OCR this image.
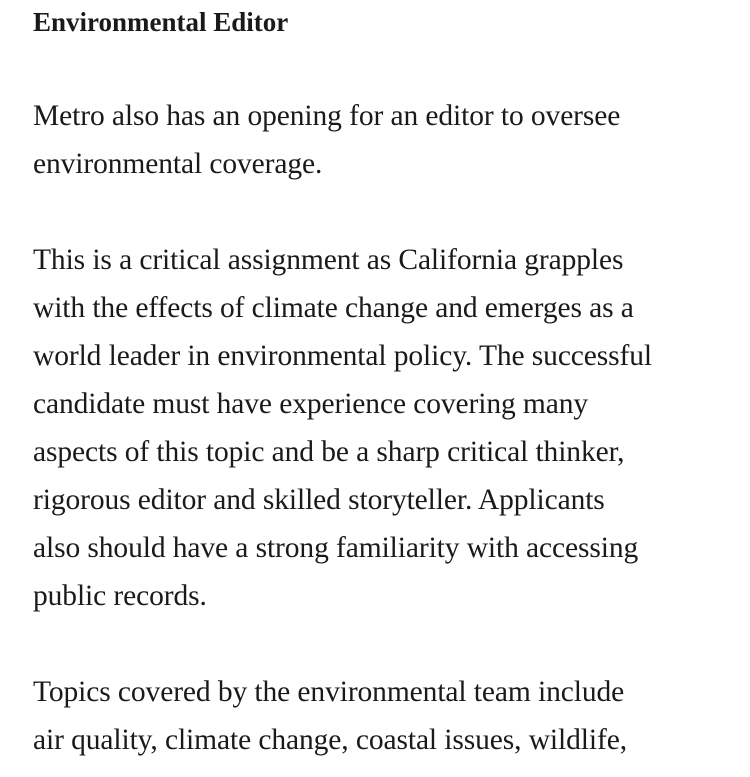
Environmental Editor

Metro also has an opening for an editor to oversee
environmental coverage.

This is a critical assignment as California grapples
with the effects of climate change and emerges as a
world leader in environmental policy. The successful
candidate must have experience covering many
aspects of this topic and be a sharp critical thinker,
rigorous editor and skilled storyteller. Applicants
also should have a strong familiarity with accessing
public records.

Topics covered by the environmental team include
air quality, climate change, coastal issues, wildlife,
